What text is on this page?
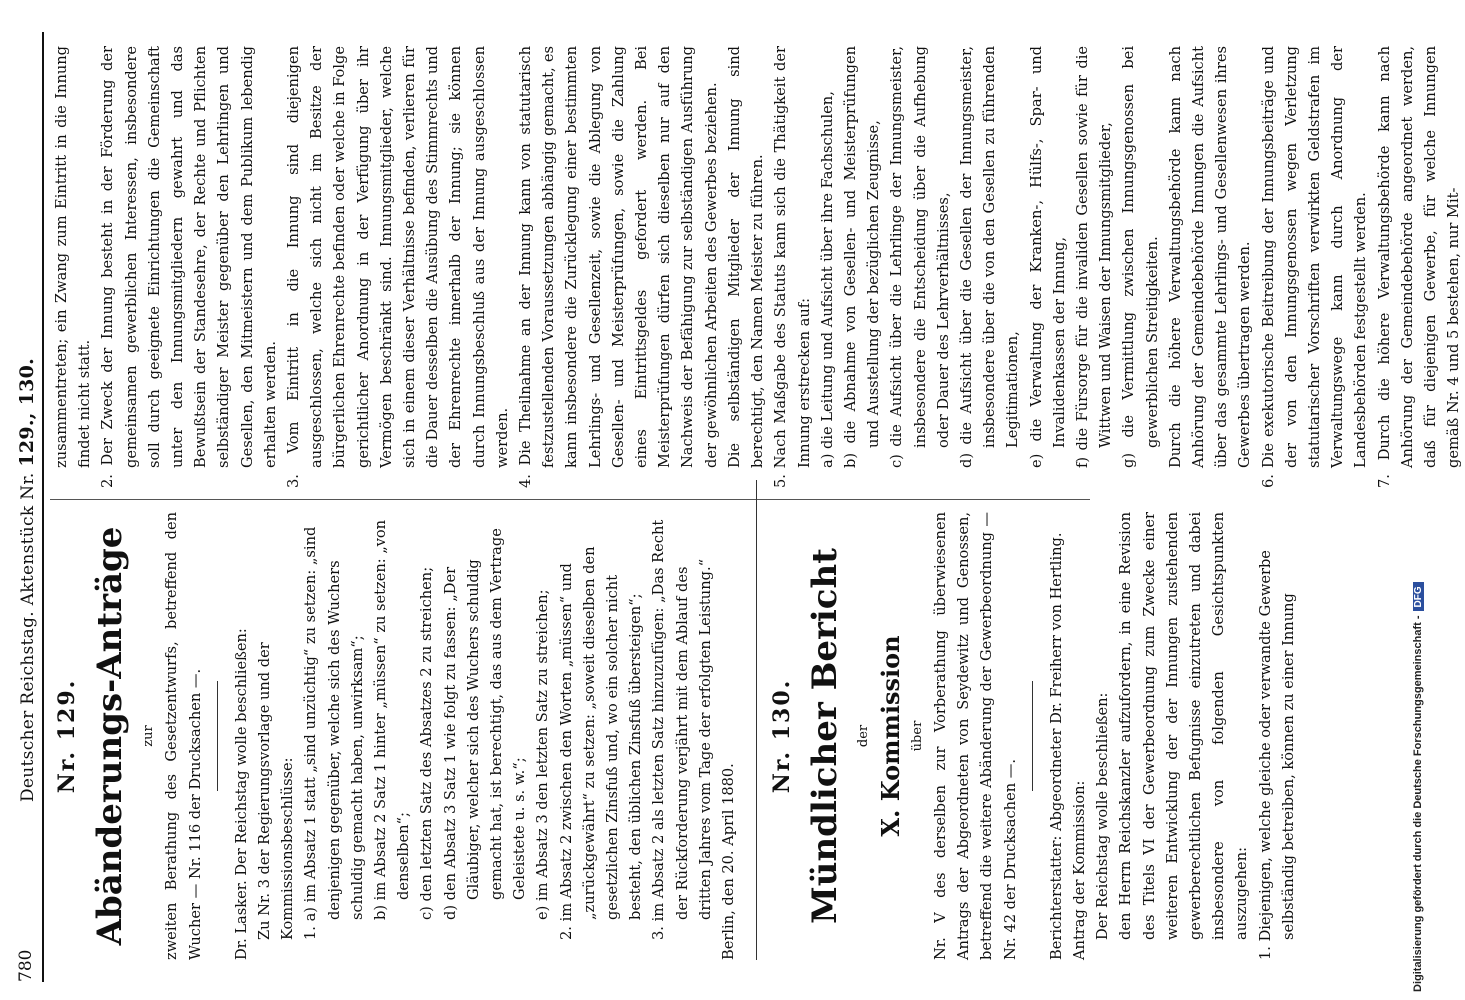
780
Deutscher Reichstag. Aktenstück Nr. 129., 130.

Nr. 129. Abänderungs-Anträge zur zweiten Berathung des Gesetzentwurfs, betreffend den Wucher — Nr. 116 der Drucksachen —. Dr. Lasker. Der Reichstag wolle beschließen: Zu Nr. 3 der Regierungsvorlage und der Kommissionsbeschlüsse: 1. a) im Absatz 1 statt „sind unzüchtig“ zu setzen: „sind denjenigen gegenüber, welche sich des Wuchers schuldig gemacht haben, unwirksam“; b) im Absatz 2 Satz 1 hinter „müssen“ zu setzen: „von denselben“; c) den letzten Satz des Absatzes 2 zu streichen; d) den Absatz 3 Satz 1 wie folgt zu fassen: „Der Gläubiger, welcher sich des Wuchers schuldig gemacht hat, ist berechtigt, das aus dem Vertrage Geleistete u. s. w.“; e) im Absatz 3 den letzten Satz zu streichen; 2. im Absatz 2 zwischen den Worten „müssen“ und „zurückgewährt“ zu setzen: „soweit dieselben den gesetzlichen Zinsfuß und, wo ein solcher nicht besteht, den üblichen Zinsfuß übersteigen“; 3. im Absatz 2 als letzten Satz hinzuzufügen: „Das Recht der Rückforderung verjährt mit dem Ablauf des dritten Jahres vom Tage der erfolgten Leistung.“ Berlin, den 20. April 1880.

Nr. 130. Mündlicher Bericht der X. Kommission über Nr. V des derselben zur Vorberathung überwiesenen Antrags der Abgeordneten von Seydewitz und Genossen, betreffend die weitere Abänderung der Gewerbeordnung — Nr. 42 der Drucksachen —. Berichterstatter: Abgeordneter Dr. Freiherr von Hertling. Antrag der Kommission: Der Reichstag wolle beschließen: den Herrn Reichskanzler aufzufordern, in eine Revision des Titels VI der Gewerbeordnung zum Zwecke einer weiteren Entwicklung der der Innungen zustehenden gewerberechtlichen Befugnisse einzutreten und dabei insbesondere von folgenden Gesichtspunkten auszugehen: 1. Diejenigen, welche gleiche oder verwandte Gewerbe selbständig betreiben, können zu einer Innung

zusammentreten; ein Zwang zum Eintritt in die Innung findet nicht statt. 2. Der Zweck der Innung besteht in der Förderung der gemeinsamen gewerblichen Interessen, insbesondere soll durch geeignete Einrichtungen die Gemeinschaft unter den Innungsmitgliedern gewahrt und das Bewußtsein der Standesehre, der Rechte und Pflichten selbständiger Meister gegenüber den Lehrlingen und Gesellen, den Mitmeistern und dem Publikum lebendig erhalten werden. 3. Vom Eintritt in die Innung sind diejenigen ausgeschlossen, welche sich nicht im Besitze der bürgerlichen Ehrenrechte befinden oder welche in Folge gerichtlicher Anordnung in der Verfügung über ihr Vermögen beschränkt sind. Innungsmitglieder, welche sich in einem dieser Verhältnisse befinden, verlieren für die Dauer desselben die Ausübung des Stimmrechts und der Ehrenrechte innerhalb der Innung; sie können durch Innungsbeschluß aus der Innung ausgeschlossen werden. 4. Die Theilnahme an der Innung kann von statutarisch festzustellenden Voraussetzungen abhängig gemacht, es kann insbesondere die Zurücklegung einer bestimmten Lehrlings- und Gesellenzeit, sowie die Ablegung von Gesellen- und Meisterprüfungen, sowie die Zahlung eines Eintrittsgeldes gefordert werden. Bei Meisterprüfungen dürfen sich dieselben nur auf den Nachweis der Befähigung zur selbständigen Ausführung der gewöhnlichen Arbeiten des Gewerbes beziehen. Die selbständigen Mitglieder der Innung sind berechtigt, den Namen Meister zu führen. 5. Nach Maßgabe des Statuts kann sich die Thätigkeit der Innung erstrecken auf: a) die Leitung und Aufsicht über ihre Fachschulen, b) die Abnahme von Gesellen- und Meisterprüfungen und Ausstellung der bezüglichen Zeugnisse, c) die Aufsicht über die Lehrlinge der Innungsmeister, insbesondere die Entscheidung über die Aufhebung oder Dauer des Lehrverhältnisses, d) die Aufsicht über die Gesellen der Innungsmeister, insbesondere über die von den Gesellen zu führenden Legitimationen, e) die Verwaltung der Kranken-, Hülfs-, Spar- und Invalidenkassen der Innung, f) die Fürsorge für die invaliden Gesellen sowie für die Wittwen und Waisen der Innungsmitglieder, g) die Vermittlung zwischen Innungsgenossen bei gewerblichen Streitigkeiten. Durch die höhere Verwaltungsbehörde kann nach Anhörung der Gemeindebehörde Innungen die Aufsicht über das gesammte Lehrlings- und Gesellenwesen ihres Gewerbes übertragen werden. 6. Die exekutorische Beitreibung der Innungsbeiträge und der von den Innungsgenossen wegen Verletzung statutarischer Vorschriften verwirkten Geldstrafen im Verwaltungswege kann durch Anordnung der Landesbehörden festgestellt werden. 7. Durch die höhere Verwaltungsbehörde kann nach Anhörung der Gemeindebehörde angeordnet werden, daß für diejenigen Gewerbe, für welche Innungen gemäß Nr. 4 und 5 bestehen, nur Mit-

Digitalisierung gefördert durch die Deutsche Forschungsgemeinschaft -DFG
